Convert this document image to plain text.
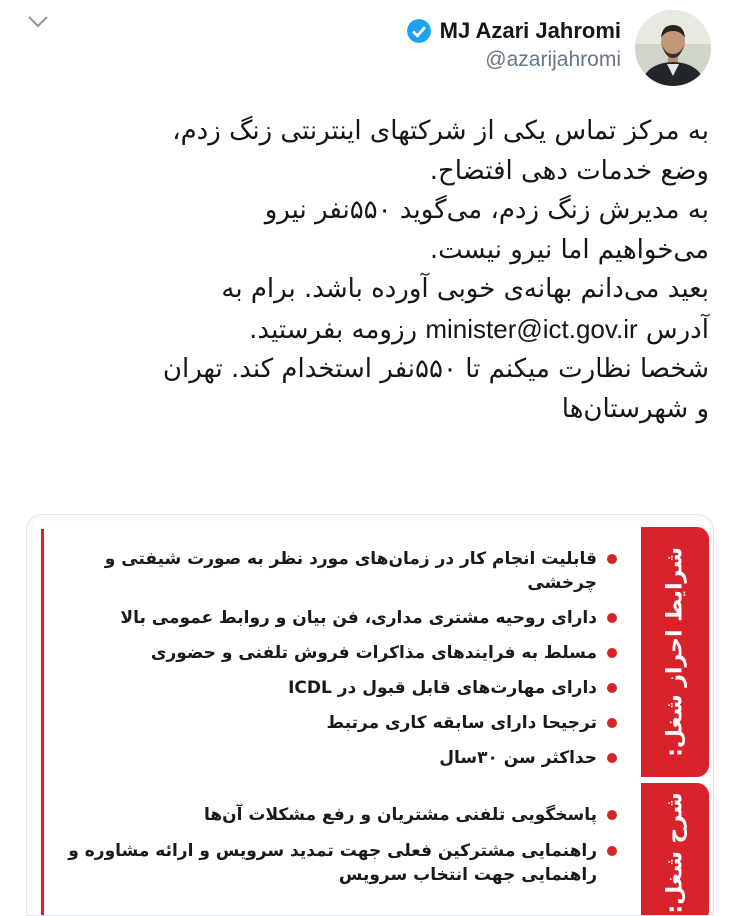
MJ Azari Jahromi
@azarijahromi

به مرکز تماس یکی از شرکتهای اینترنتی زنگ زدم،

وضع خدمات دهی افتضاح.

به مدیرش زنگ زدم، می‌گوید ۵۵۰نفر نیرو

می‌خواهیم اما نیرو نیست.

بعید می‌دانم بهانه‌ی خوبی آورده باشد. برام به

آدرس minister@ict.gov.ir رزومه بفرستید.

شخصا نظارت میکنم تا ۵۵۰نفر استخدام کند. تهران

و شهرستان‌ها

شرایط احراز شغل:
شرح شغل:
قابلیت انجام کار در زمان‌های مورد نظر به صورت شیفتی و چرخشی
دارای روحیه مشتری مداری، فن بیان و روابط عمومی بالا
مسلط به فرایندهای مذاکرات فروش تلفنی و حضوری
دارای مهارت‌های قابل قبول در ICDL
ترجیحا دارای سابقه کاری مرتبط
حداکثر سن ۳۰سال
پاسخگویی تلفنی مشتریان و رفع مشکلات آن‌ها
راهنمایی مشترکین فعلی جهت تمدید سرویس و ارائه مشاوره و راهنمایی جهت انتخاب سرویس
